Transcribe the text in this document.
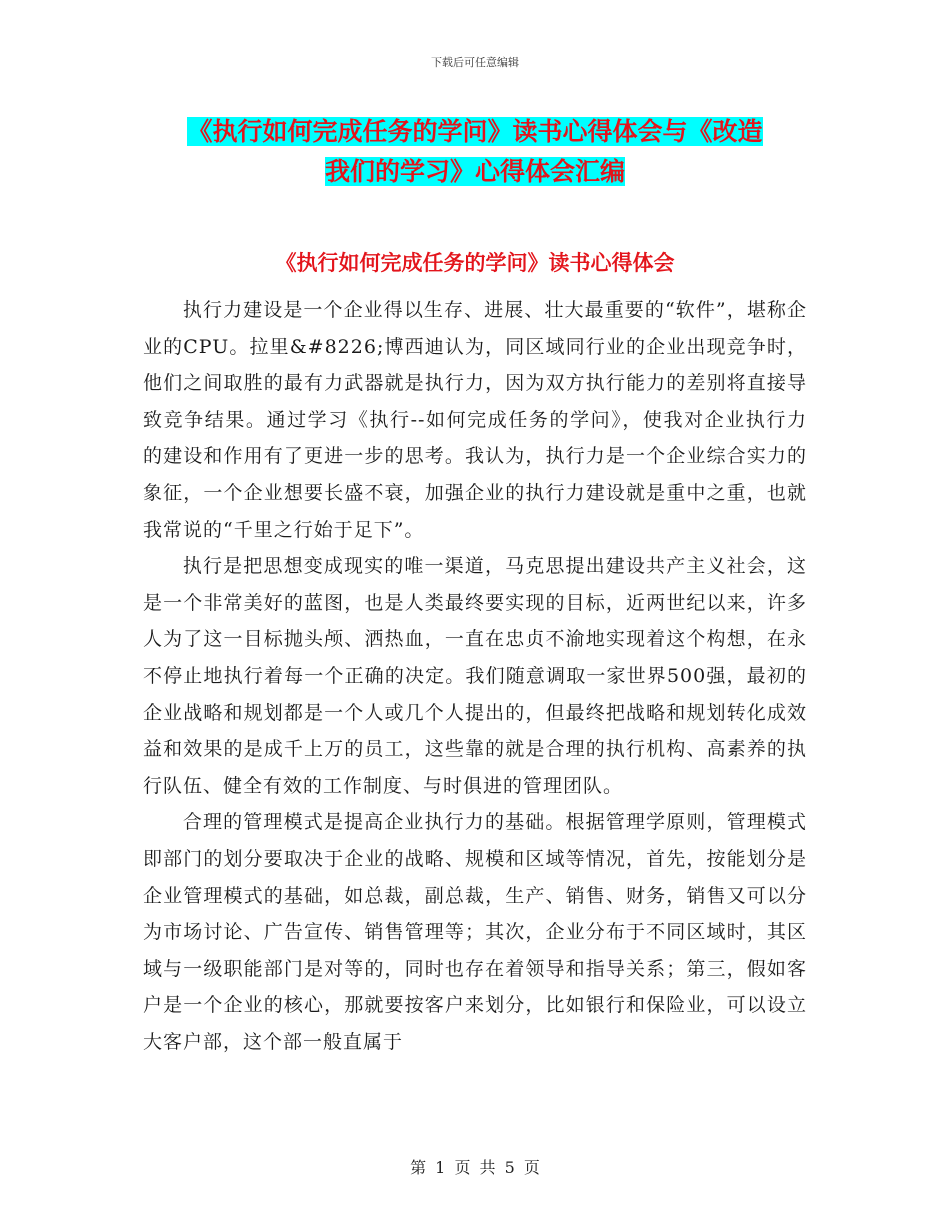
下载后可任意编辑
《执行如何完成任务的学问》读书心得体会与《改造
我们的学习》心得体会汇编
《执行如何完成任务的学问》读书心得体会

执行力建设是一个企业得以生存、进展、壮大最重要的“软件”，堪称企业的CPU。拉里&#8226;博西迪认为，同区域同行业的企业出现竞争时，他们之间取胜的最有力武器就是执行力，因为双方执行能力的差别将直接导致竞争结果。通过学习《执行--如何完成任务的学问》，使我对企业执行力的建设和作用有了更进一步的思考。我认为，执行力是一个企业综合实力的象征，一个企业想要长盛不衰，加强企业的执行力建设就是重中之重，也就我常说的“千里之行始于足下”。

执行是把思想变成现实的唯一渠道，马克思提出建设共产主义社会，这是一个非常美好的蓝图，也是人类最终要实现的目标，近两世纪以来，许多人为了这一目标抛头颅、洒热血，一直在忠贞不渝地实现着这个构想，在永不停止地执行着每一个正确的决定。我们随意调取一家世界500强，最初的企业战略和规划都是一个人或几个人提出的，但最终把战略和规划转化成效益和效果的是成千上万的员工，这些靠的就是合理的执行机构、高素养的执行队伍、健全有效的工作制度、与时俱进的管理团队。

合理的管理模式是提高企业执行力的基础。根据管理学原则，管理模式即部门的划分要取决于企业的战略、规模和区域等情况，首先，按能划分是企业管理模式的基础，如总裁，副总裁，生产、销售、财务，销售又可以分为市场讨论、广告宣传、销售管理等；其次，企业分布于不同区域时，其区域与一级职能部门是对等的，同时也存在着领导和指导关系；第三，假如客户是一个企业的核心，那就要按客户来划分，比如银行和保险业，可以设立大客户部，这个部一般直属于

第 1 页 共 5 页
